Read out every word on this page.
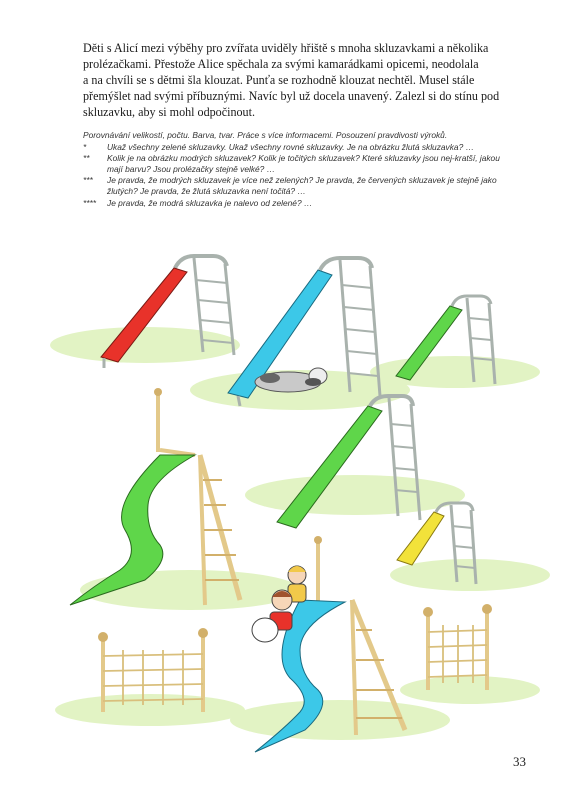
Děti s Alicí mezi výběhy pro zvířata uviděly hřiště s mnoha skluzavkami a několika
prolézačkami. Přestože Alice spěchala za svými kamarádkami opicemi, neodolala
a na chvíli se s dětmi šla klouzat. Punťa se rozhodně klouzat nechtěl. Musel stále
přemýšlet nad svými příbuznými. Navíc byl už docela unavený. Zalezl si do stínu pod
skluzavku, aby si mohl odpočinout.

Porovnávání velikostí, počtu. Barva, tvar. Práce s více informacemi. Posouzení pravdivosti výroků.

* Ukaž všechny zelené skluzavky. Ukaž všechny rovné skluzavky. Je na obrázku žlutá skluzavka? …
** Kolik je na obrázku modrých skluzavek? Kolik je točitých skluzavek? Které skluzavky jsou nej-kratší, jakou mají barvu? Jsou prolézačky stejně velké? …
*** Je pravda, že modrých skluzavek je více než zelených? Je pravda, že červených skluzavek je stejně jako žlutých? Je pravda, že žlutá skluzavka není točitá? …
**** Je pravda, že modrá skluzavka je nalevo od zelené? …
33
